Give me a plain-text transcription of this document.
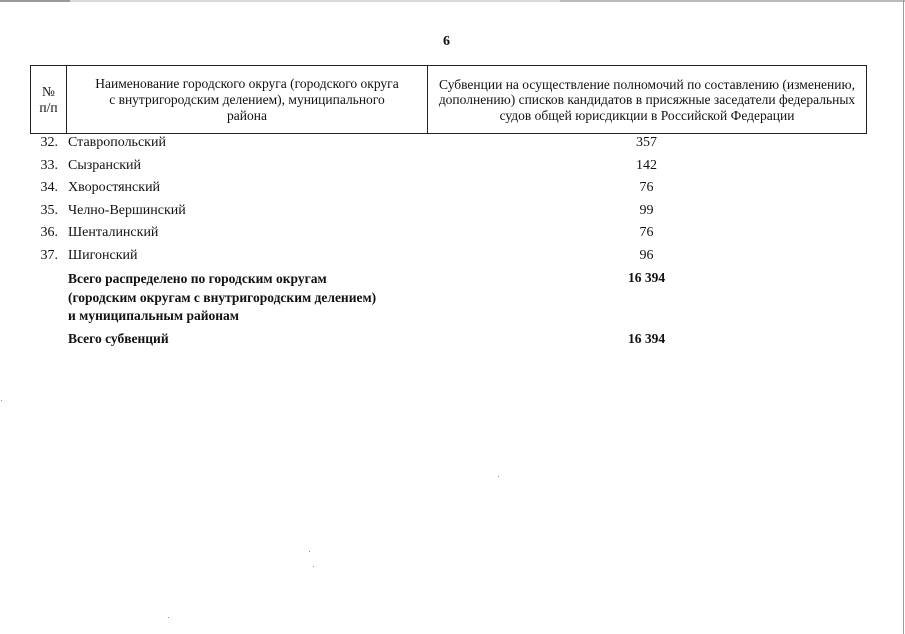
6
№ п/п	Наименование городского округа (городского округа с внутригородским делением), муниципального района	Субвенции на осуществление полномочий по составлению (изменению, дополнению) списков кандидатов в присяжные заседатели федеральных судов общей юрисдикции в Российской Федерации
32.	Ставропольский	357
33.	Сызранский	142
34.	Хворостянский	76
35.	Челно-Вершинский	99
36.	Шенталинский	76
37.	Шигонский	96
	Всего распределено по городским округам (городским округам с внутригородским делением) и муниципальным районам	16 394
	Всего субвенций	16 394
